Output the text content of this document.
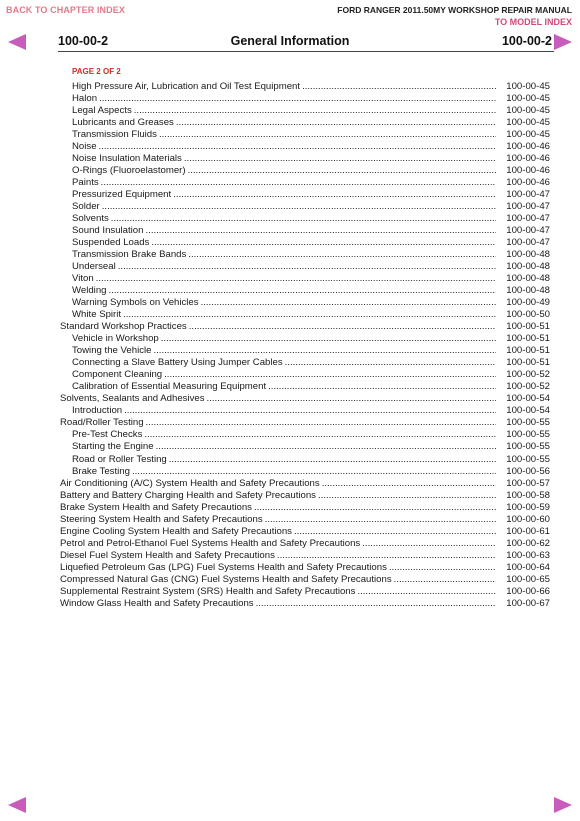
BACK TO CHAPTER INDEX	FORD RANGER 2011.50MY WORKSHOP REPAIR MANUAL
TO MODEL INDEX
100-00-2	General Information	100-00-2
PAGE 2 OF 2
High Pressure Air, Lubrication and Oil Test Equipment .....	100-00-45
Halon .....	100-00-45
Legal Aspects .....	100-00-45
Lubricants and Greases .....	100-00-45
Transmission Fluids .....	100-00-45
Noise .....	100-00-46
Noise Insulation Materials .....	100-00-46
O-Rings (Fluoroelastomer) .....	100-00-46
Paints .....	100-00-46
Pressurized Equipment .....	100-00-47
Solder .....	100-00-47
Solvents .....	100-00-47
Sound Insulation .....	100-00-47
Suspended Loads .....	100-00-47
Transmission Brake Bands .....	100-00-48
Underseal .....	100-00-48
Viton .....	100-00-48
Welding .....	100-00-48
Warning Symbols on Vehicles .....	100-00-49
White Spirit .....	100-00-50
Standard Workshop Practices .....	100-00-51
Vehicle in Workshop .....	100-00-51
Towing the Vehicle .....	100-00-51
Connecting a Slave Battery Using Jumper Cables .....	100-00-51
Component Cleaning .....	100-00-52
Calibration of Essential Measuring Equipment .....	100-00-52
Solvents, Sealants and Adhesives .....	100-00-54
Introduction .....	100-00-54
Road/Roller Testing .....	100-00-55
Pre-Test Checks .....	100-00-55
Starting the Engine .....	100-00-55
Road or Roller Testing .....	100-00-55
Brake Testing .....	100-00-56
Air Conditioning (A/C) System Health and Safety Precautions .....	100-00-57
Battery and Battery Charging Health and Safety Precautions .....	100-00-58
Brake System Health and Safety Precautions .....	100-00-59
Steering System Health and Safety Precautions .....	100-00-60
Engine Cooling System Health and Safety Precautions .....	100-00-61
Petrol and Petrol-Ethanol Fuel Systems Health and Safety Precautions .....	100-00-62
Diesel Fuel System Health and Safety Precautions .....	100-00-63
Liquefied Petroleum Gas (LPG) Fuel Systems Health and Safety Precautions .....	100-00-64
Compressed Natural Gas (CNG) Fuel Systems Health and Safety Precautions .....	100-00-65
Supplemental Restraint System (SRS) Health and Safety Precautions .....	100-00-66
Window Glass Health and Safety Precautions .....	100-00-67
